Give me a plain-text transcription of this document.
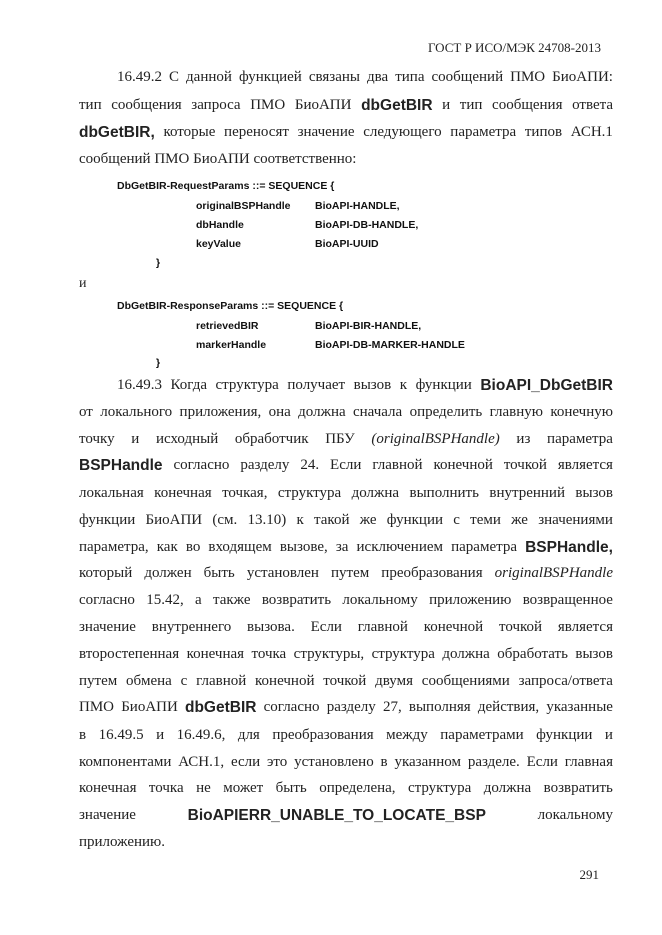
ГОСТ Р ИСО/МЭК 24708-2013
16.49.2 С данной функцией связаны два типа сообщений ПМО БиоАПИ:
тип сообщения запроса ПМО БиоАПИ dbGetBIR и тип сообщения ответа
dbGetBIR, которые переносят значение следующего параметра типов АСН.1
сообщений ПМО БиоАПИ соответственно:
DbGetBIR-RequestParams ::= SEQUENCE {
originalBSPHandle BioAPI-HANDLE,
dbHandle	BioAPI-DB-HANDLE,
keyValue	BioAPI-UUID
}
и
DbGetBIR-ResponseParams ::= SEQUENCE {
retrievedBIR	BioAPI-BIR-HANDLE,
markerHandle	BioAPI-DB-MARKER-HANDLE
}
16.49.3 Когда структура получает вызов к функции BioAPI_DbGetBIR
от локального приложения, она должна сначала определить главную конечную
точку и исходный обработчик ПБУ (originalBSPHandle) из параметра
BSPHandle согласно разделу 24. Если главной конечной точкой является
локальная конечная точкая, структура должна выполнить внутренний вызов
функции БиоАПИ (см. 13.10) к такой же функции с теми же значениями
параметра, как во входящем вызове, за исключением параметра BSPHandle,
который должен быть установлен путем преобразования originalBSPHandle
согласно 15.42, а также возвратить локальному приложению возвращенное
значение внутреннего вызова. Если главной конечной точкой является
второстепенная конечная точка структуры, структура должна обработать вызов
путем обмена с главной конечной точкой двумя сообщениями запроса/ответа
ПМО БиоАПИ dbGetBIR согласно разделу 27, выполняя действия, указанные
в 16.49.5 и 16.49.6, для преобразования между параметрами функции и
компонентами АСН.1, если это установлено в указанном разделе. Если главная
конечная точка не может быть определена, структура должна возвратить
значение	BioAPIERR_UNABLE_TO_LOCATE_BSP	локальному
приложению.
291
